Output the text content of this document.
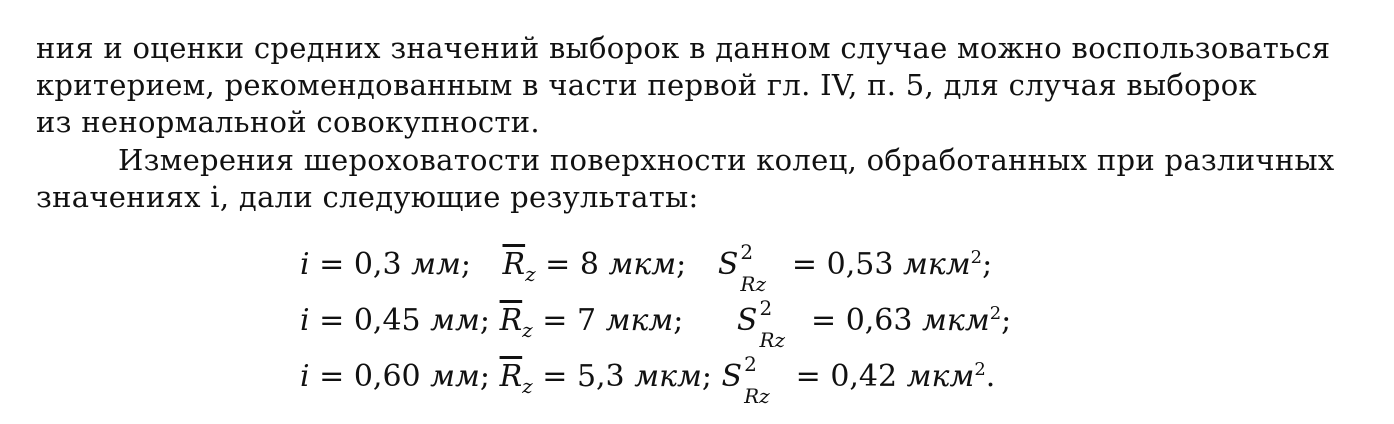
ния и оценки средних значений выборок в данном случае можно воспользоваться
критерием, рекомендованным в части первой гл. IV, п. 5, для случая выборок
из ненормальной совокупности.
Измерения шероховатости поверхности колец, обработанных при различных
значениях i, дали следующие результаты:
i = 0,3 мм; $\overline{R}_z = 8$ мкм; S 2
Rz
= 0,53 мкм$^2$;
i = 0,45 мм; $\overline{R}_z = 7$ мкм; S 2
Rz
= 0,63 мкм$^2$;
i = 0,60 мм; $\overline{R}_z = 5,3$ мкм; S 2
Rz
= 0,42 мкм$^2$.
